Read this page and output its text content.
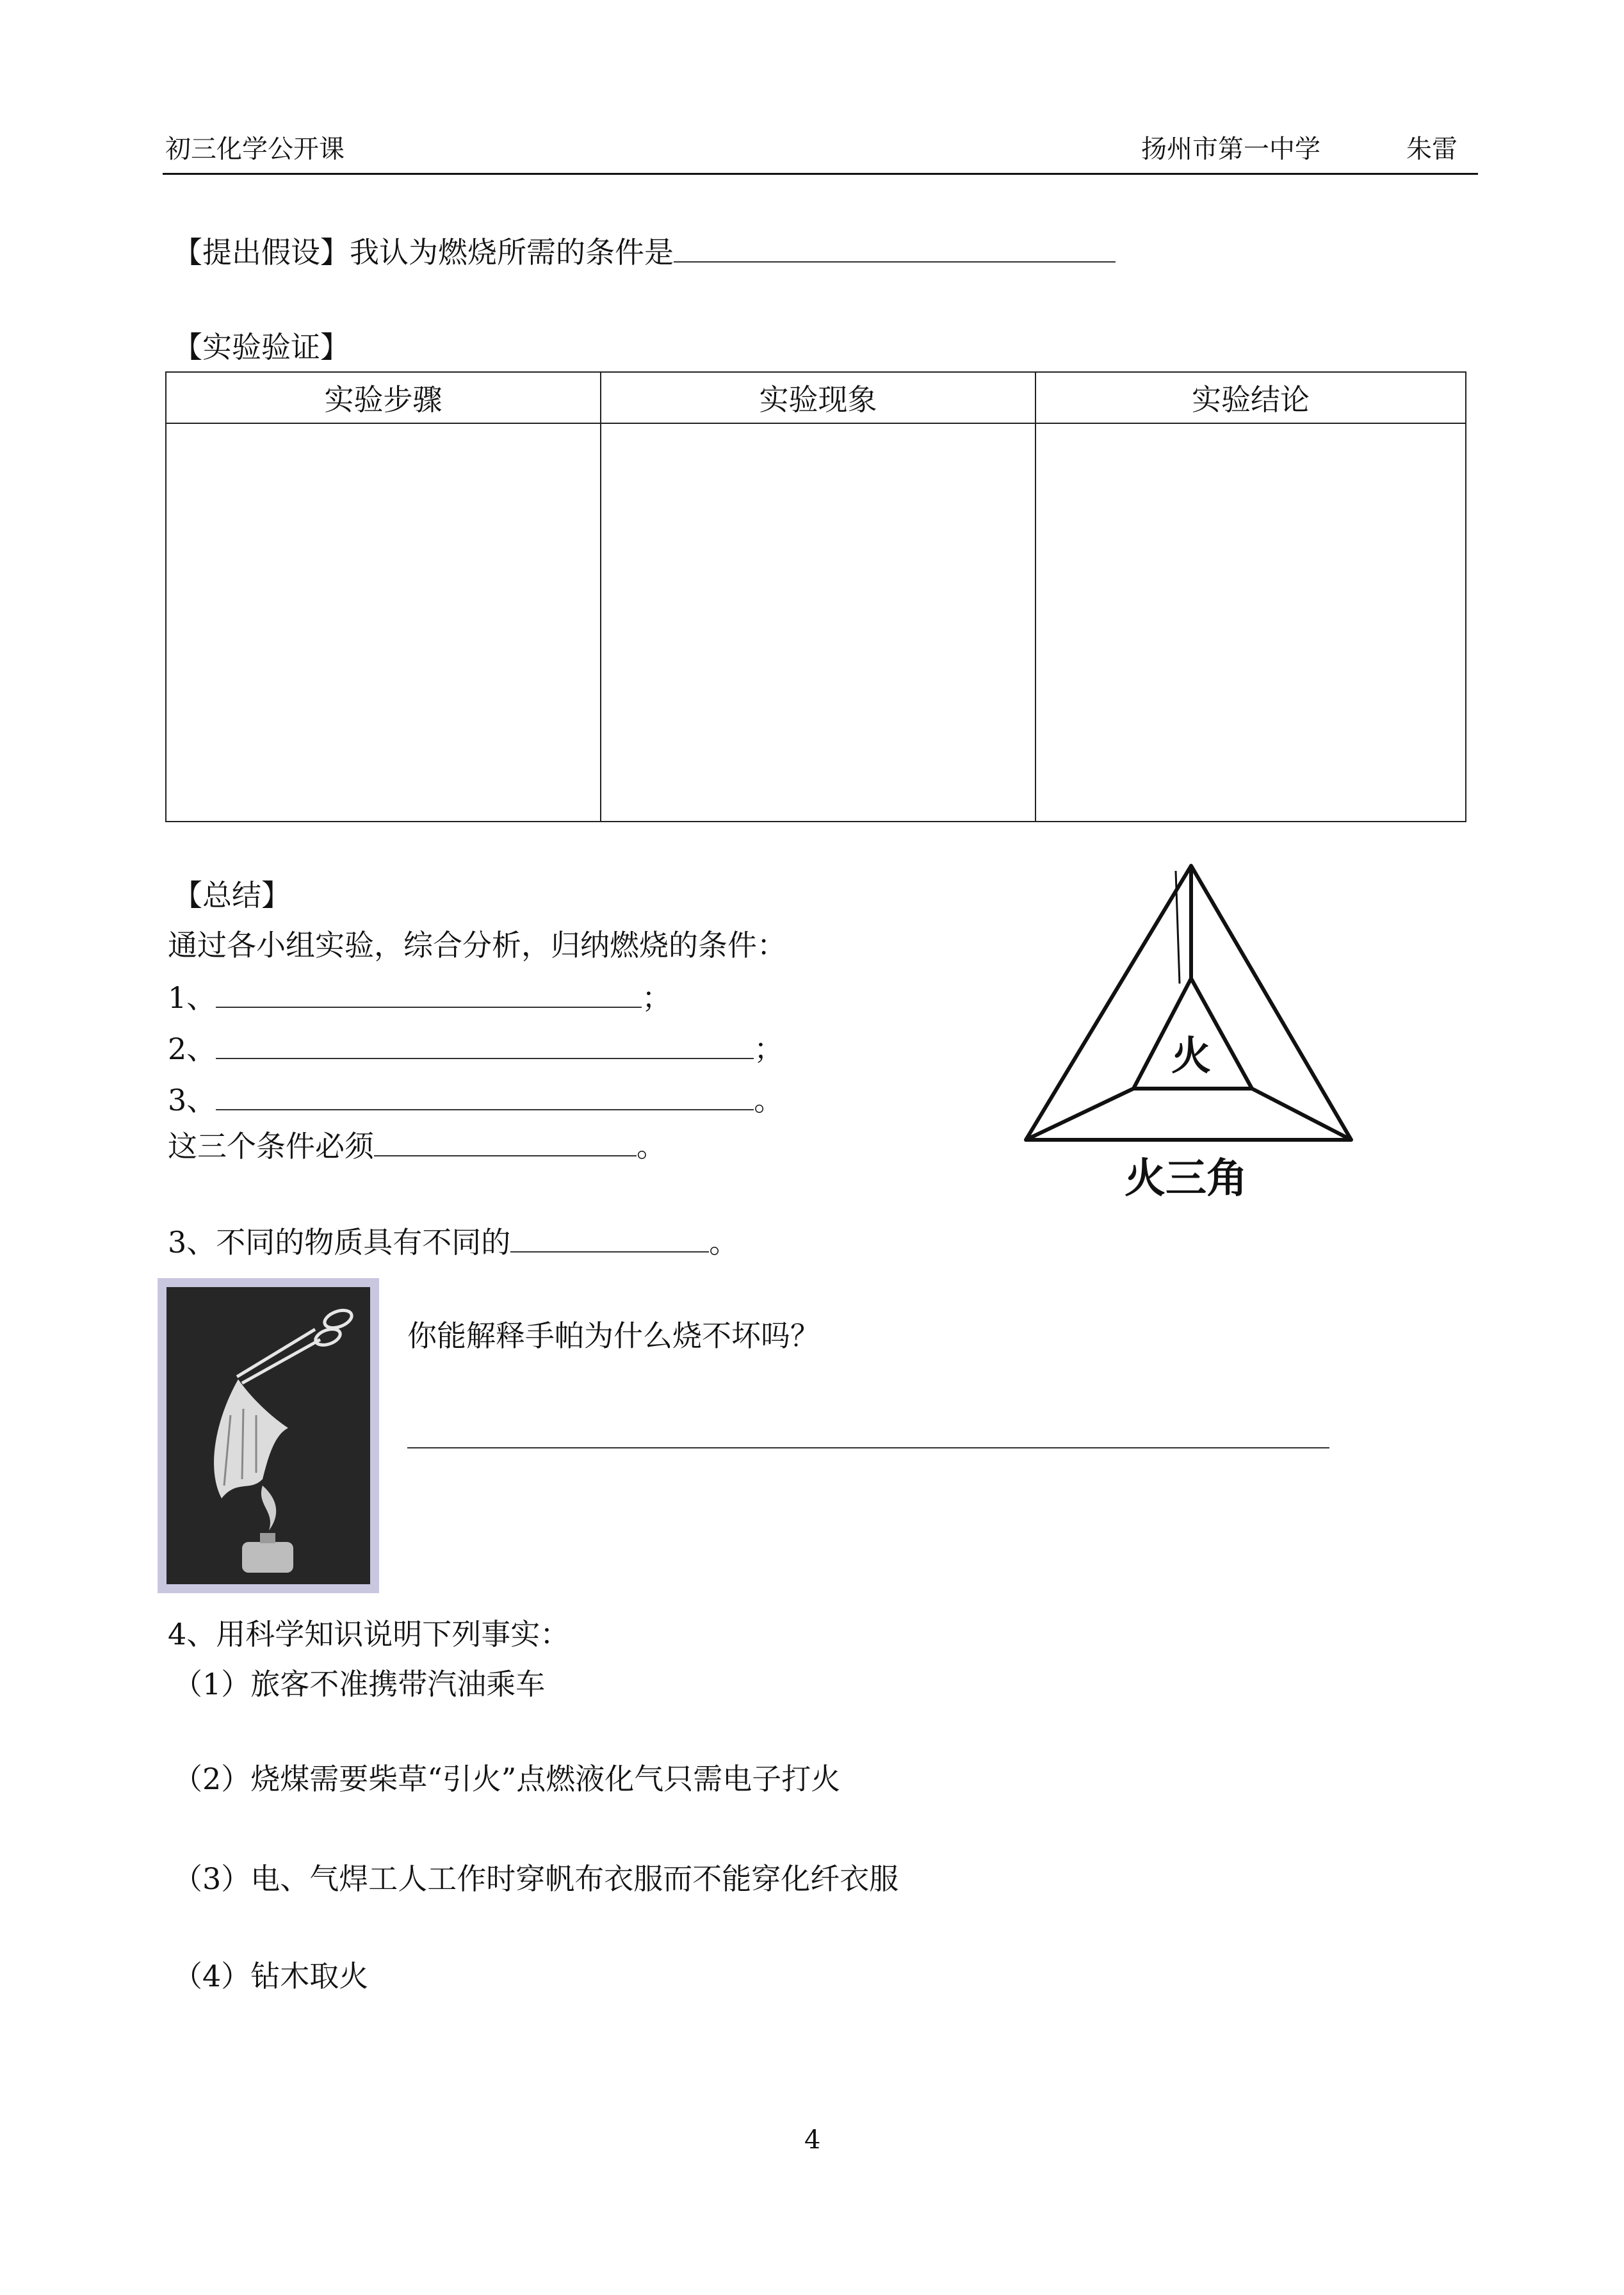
初三化学公开课	扬州市第一中学	朱雷
【提出假设】我认为燃烧所需的条件是
【实验验证】
实验步骤	实验现象	实验结论

【总结】
通过各小组实验，综合分析，归纳燃烧的条件：
1、	；
2、	；
3、	。
这三个条件必须	。
火
火三角
3、不同的物质具有不同的	。
你能解释手帕为什么烧不坏吗？
4、用科学知识说明下列事实：
（1）旅客不准携带汽油乘车
（2）烧煤需要柴草“引火”点燃液化气只需电子打火
（3）电、气焊工人工作时穿帆布衣服而不能穿化纤衣服
（4）钻木取火
4
